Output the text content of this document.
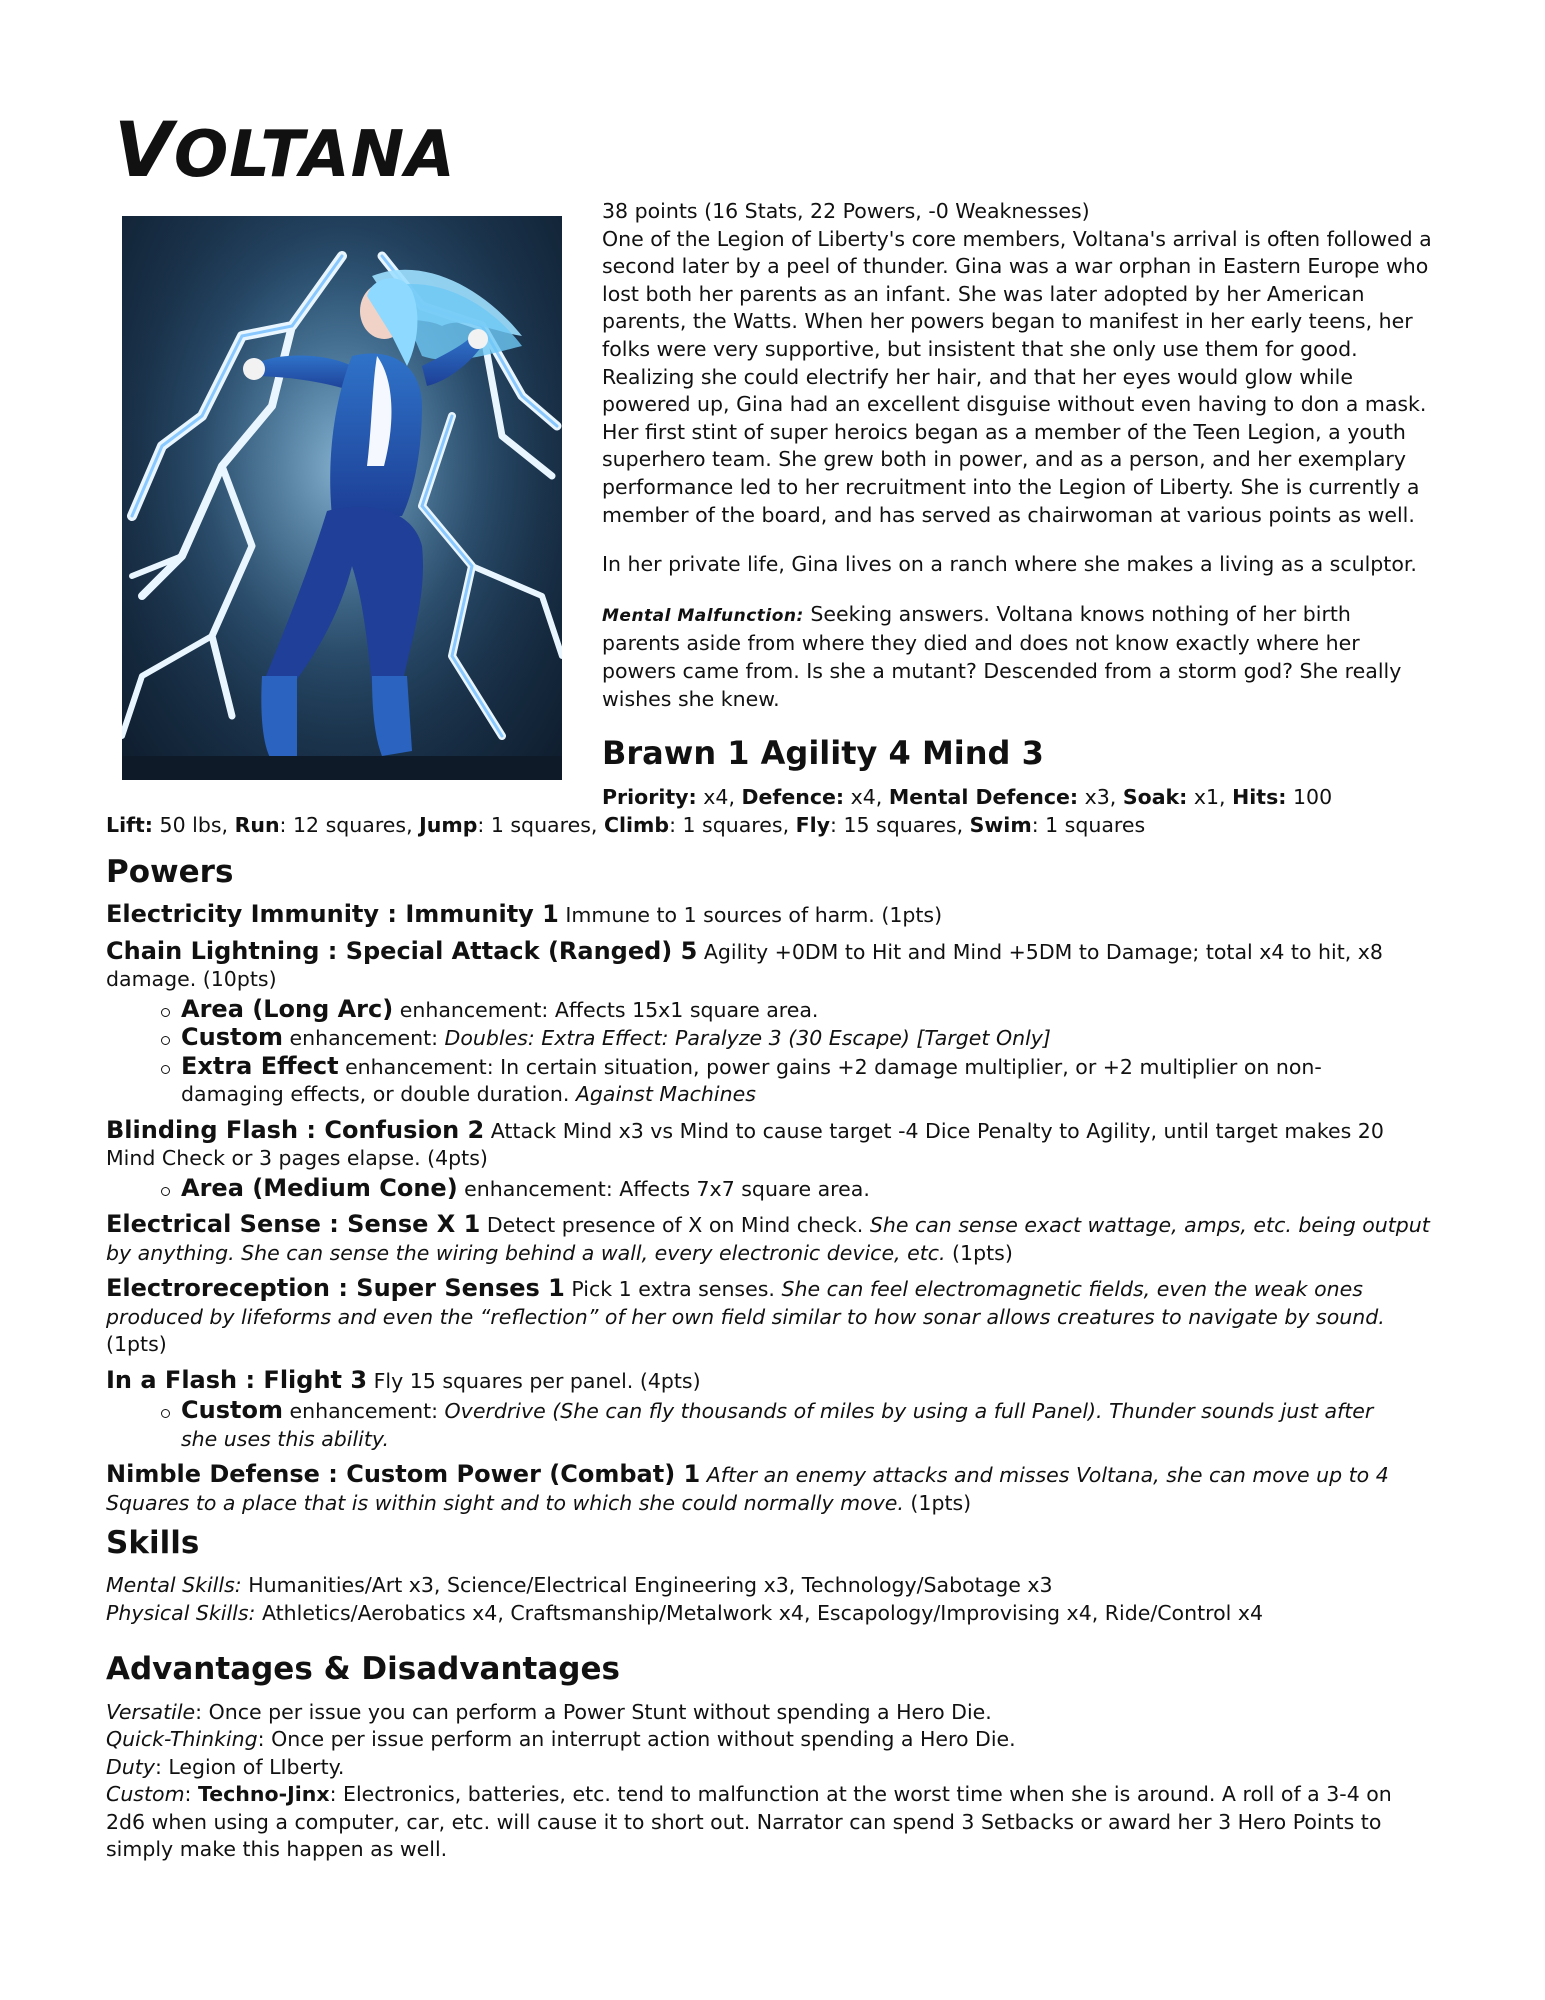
VOLTANA

38 points (16 Stats, 22 Powers, -0 Weaknesses)

One of the Legion of Liberty's core members, Voltana's arrival is often followed a second later by a peel of thunder. Gina was a war orphan in Eastern Europe who lost both her parents as an infant. She was later adopted by her American parents, the Watts. When her powers began to manifest in her early teens, her folks were very supportive, but insistent that she only use them for good. Realizing she could electrify her hair, and that her eyes would glow while powered up, Gina had an excellent disguise without even having to don a mask. Her first stint of super heroics began as a member of the Teen Legion, a youth superhero team. She grew both in power, and as a person, and her exemplary performance led to her recruitment into the Legion of Liberty. She is currently a member of the board, and has served as chairwoman at various points as well.

In her private life, Gina lives on a ranch where she makes a living as a sculptor.

Mental Malfunction: Seeking answers. Voltana knows nothing of her birth parents aside from where they died and does not know exactly where her powers came from. Is she a mutant? Descended from a storm god? She really wishes she knew.

Brawn 1 Agility 4 Mind 3
Priority: x4, Defence: x4, Mental Defence: x3, Soak: x1, Hits: 100
Lift: 50 lbs, Run: 12 squares, Jump: 1 squares, Climb: 1 squares, Fly: 15 squares, Swim: 1 squares
Powers
Electricity Immunity : Immunity 1 Immune to 1 sources of harm. (1pts)
Chain Lightning : Special Attack (Ranged) 5 Agility +0DM to Hit and Mind +5DM to Damage; total x4 to hit, x8 damage. (10pts)
Area (Long Arc) enhancement: Affects 15x1 square area.
Custom enhancement: Doubles: Extra Effect: Paralyze 3 (30 Escape) [Target Only]
Extra Effect enhancement: In certain situation, power gains +2 damage multiplier, or +2 multiplier on non-damaging effects, or double duration. Against Machines
Blinding Flash : Confusion 2 Attack Mind x3 vs Mind to cause target -4 Dice Penalty to Agility, until target makes 20 Mind Check or 3 pages elapse. (4pts)
Area (Medium Cone) enhancement: Affects 7x7 square area.
Electrical Sense : Sense X 1 Detect presence of X on Mind check. She can sense exact wattage, amps, etc. being output by anything. She can sense the wiring behind a wall, every electronic device, etc. (1pts)
Electroreception : Super Senses 1 Pick 1 extra senses. She can feel electromagnetic fields, even the weak ones produced by lifeforms and even the “reflection” of her own field similar to how sonar allows creatures to navigate by sound. (1pts)
In a Flash : Flight 3 Fly 15 squares per panel. (4pts)
Custom enhancement: Overdrive (She can fly thousands of miles by using a full Panel). Thunder sounds just after she uses this ability.
Nimble Defense : Custom Power (Combat) 1 After an enemy attacks and misses Voltana, she can move up to 4 Squares to a place that is within sight and to which she could normally move. (1pts)
Skills
Mental Skills: Humanities/Art x3, Science/Electrical Engineering x3, Technology/Sabotage x3
Physical Skills: Athletics/Aerobatics x4, Craftsmanship/Metalwork x4, Escapology/Improvising x4, Ride/Control x4
Advantages & Disadvantages
Versatile: Once per issue you can perform a Power Stunt without spending a Hero Die.
Quick-Thinking: Once per issue perform an interrupt action without spending a Hero Die.
Duty: Legion of LIberty.
Custom: Techno-Jinx: Electronics, batteries, etc. tend to malfunction at the worst time when she is around. A roll of a 3-4 on 2d6 when using a computer, car, etc. will cause it to short out. Narrator can spend 3 Setbacks or award her 3 Hero Points to simply make this happen as well.
